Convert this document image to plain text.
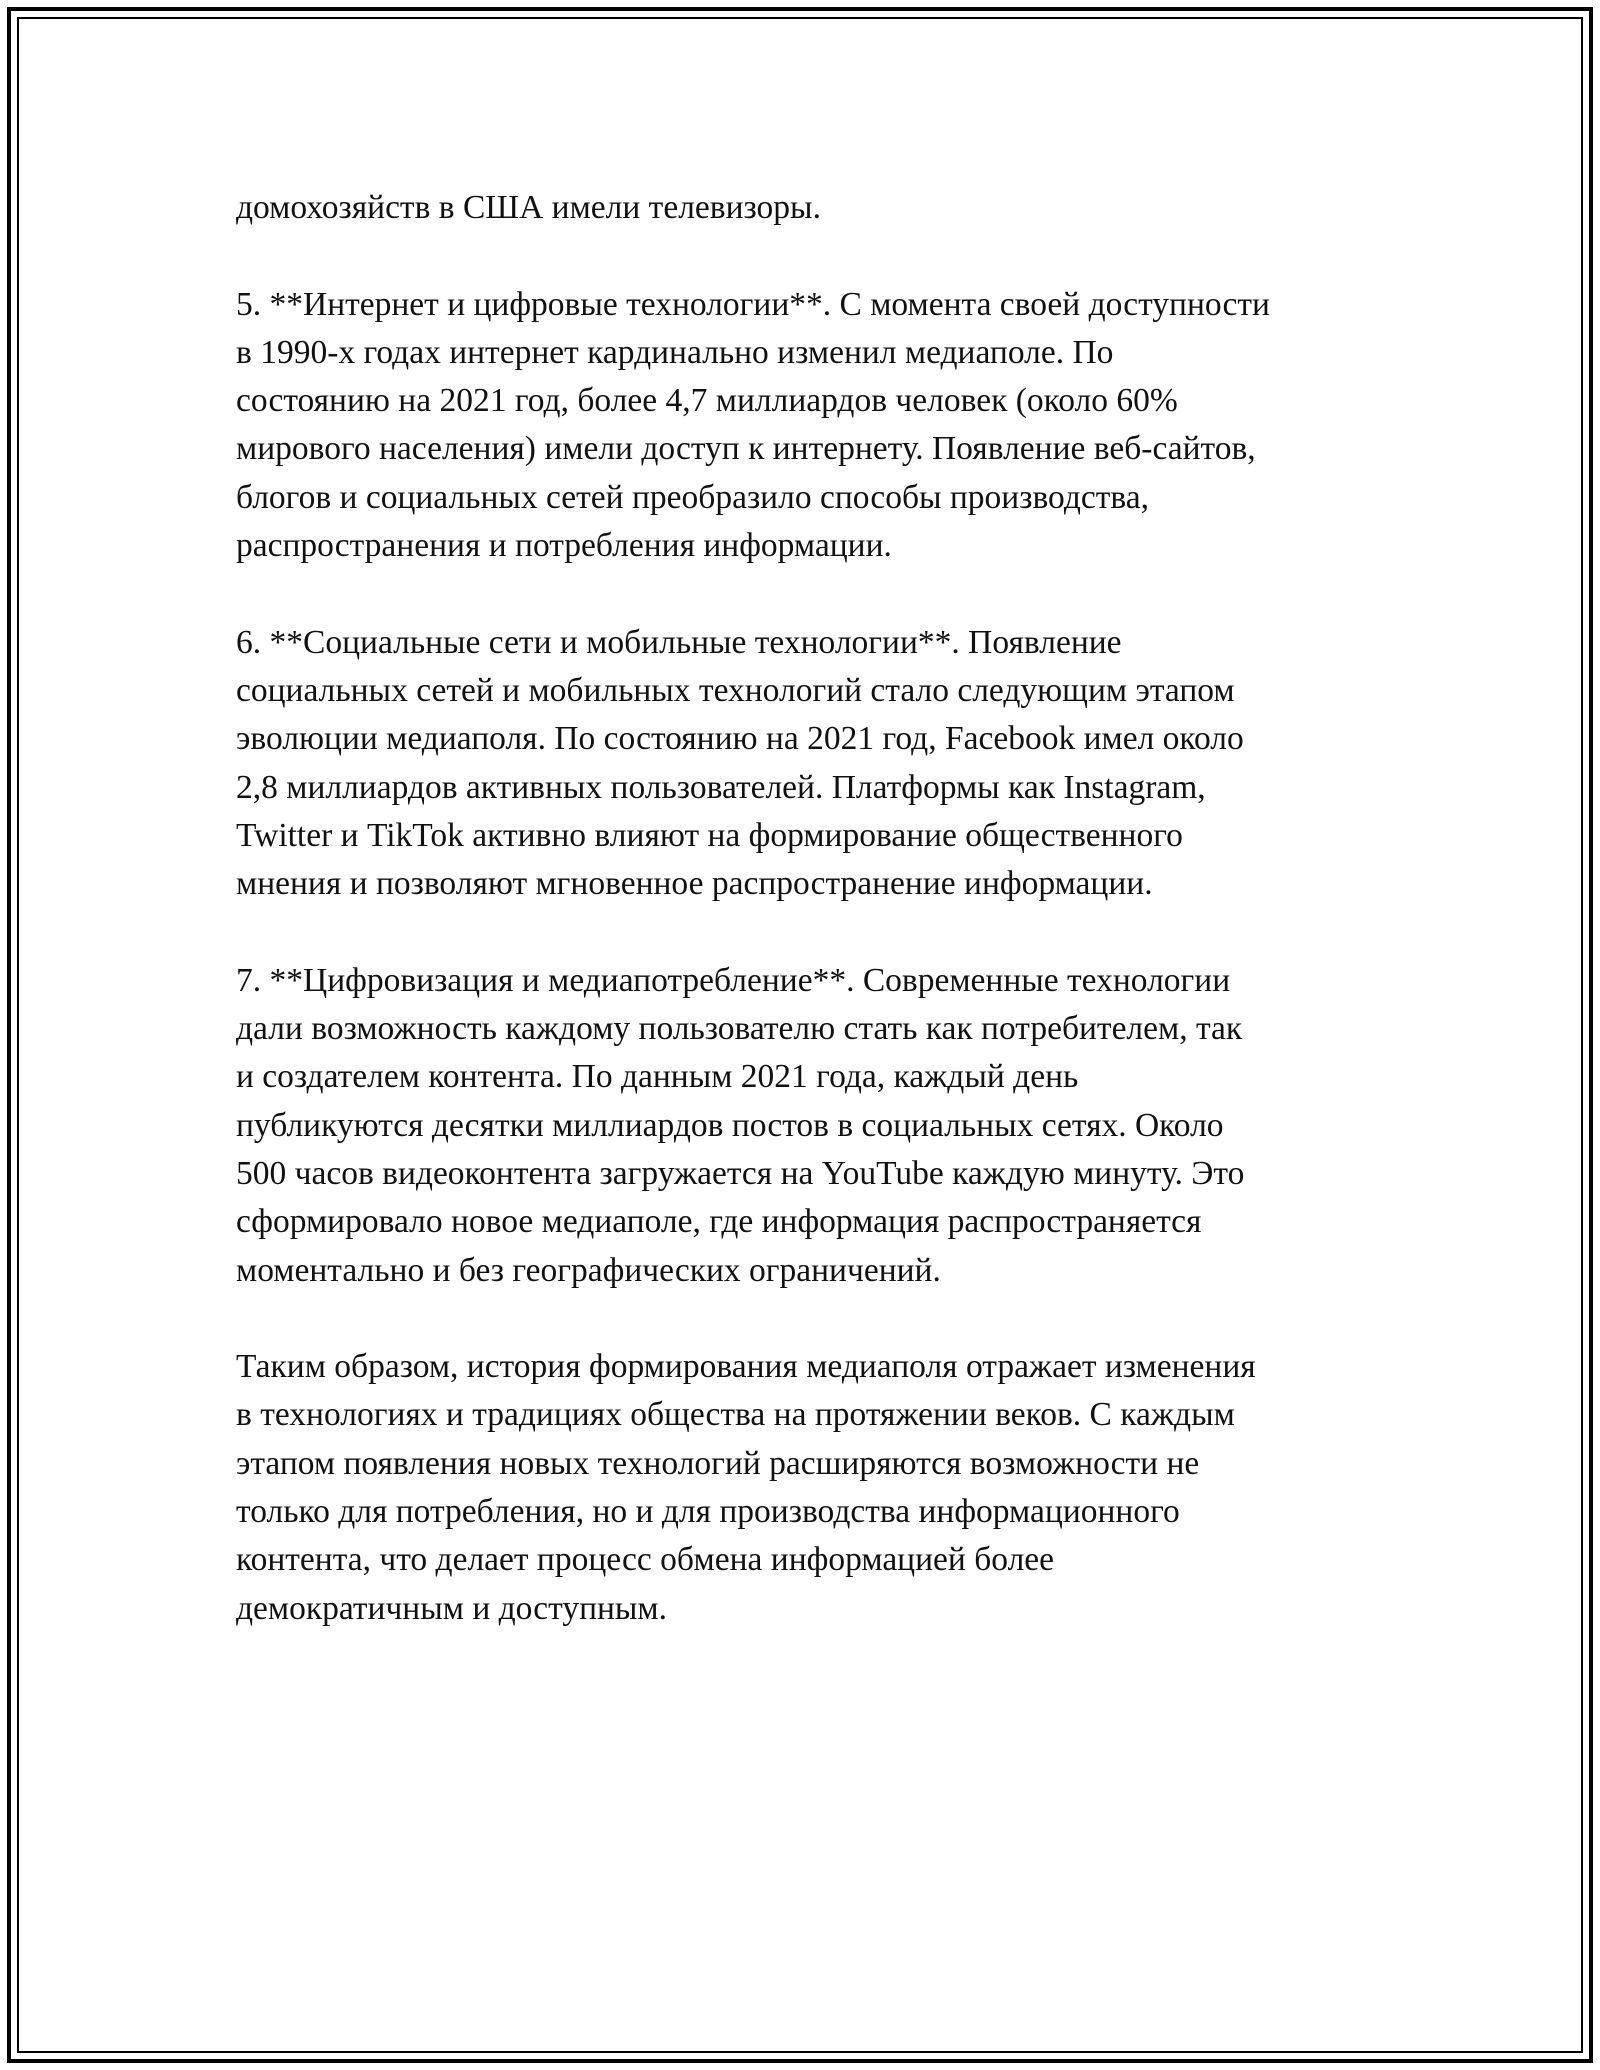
домохозяйств в США имели телевизоры.

5. **Интернет и цифровые технологии**. С момента своей доступности
в 1990-х годах интернет кардинально изменил медиаполе. По
состоянию на 2021 год, более 4,7 миллиардов человек (около 60%
мирового населения) имели доступ к интернету. Появление веб-сайтов,
блогов и социальных сетей преобразило способы производства,
распространения и потребления информации.

6. **Социальные сети и мобильные технологии**. Появление
социальных сетей и мобильных технологий стало следующим этапом
эволюции медиаполя. По состоянию на 2021 год, Facebook имел около
2,8 миллиардов активных пользователей. Платформы как Instagram,
Twitter и TikTok активно влияют на формирование общественного
мнения и позволяют мгновенное распространение информации.

7. **Цифровизация и медиапотребление**. Современные технологии
дали возможность каждому пользователю стать как потребителем, так
и создателем контента. По данным 2021 года, каждый день
публикуются десятки миллиардов постов в социальных сетях. Около
500 часов видеоконтента загружается на YouTube каждую минуту. Это
сформировало новое медиаполе, где информация распространяется
моментально и без географических ограничений.

Таким образом, история формирования медиаполя отражает изменения
в технологиях и традициях общества на протяжении веков. С каждым
этапом появления новых технологий расширяются возможности не
только для потребления, но и для производства информационного
контента, что делает процесс обмена информацией более
демократичным и доступным.
